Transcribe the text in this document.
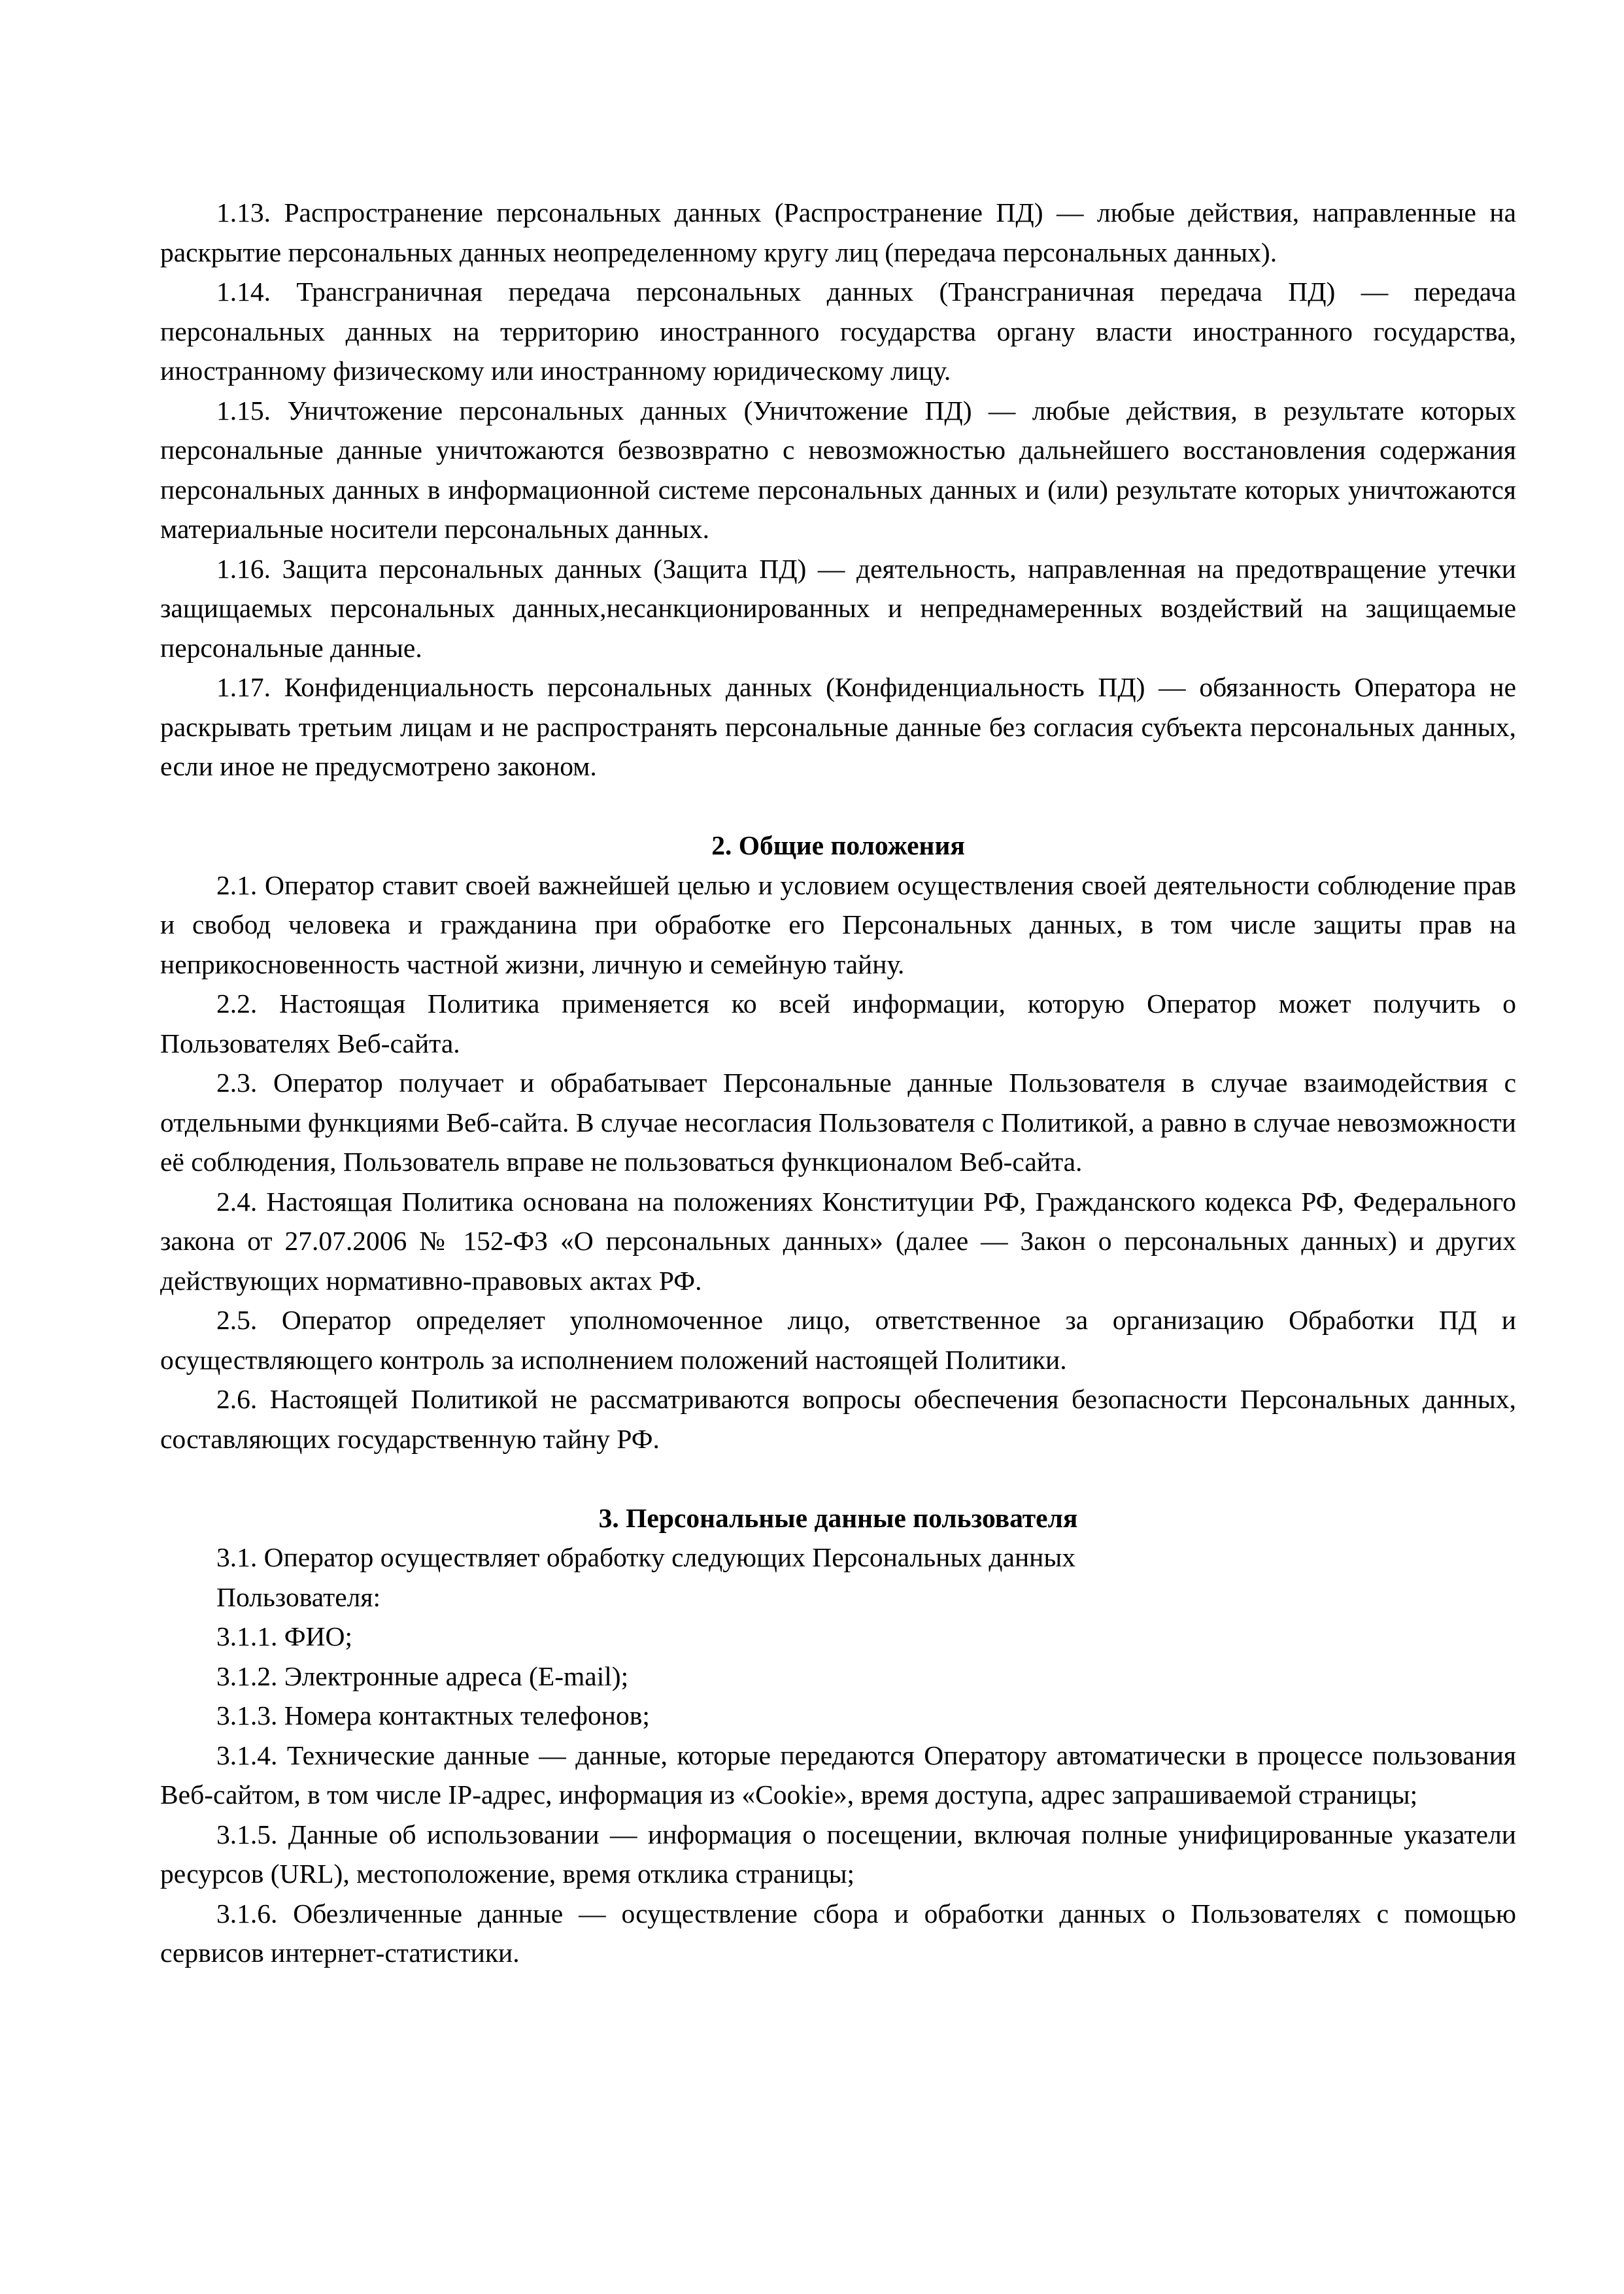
1.13. Распространение персональных данных (Распространение ПД) — любые действия, направленные на раскрытие персональных данных неопределенному кругу лиц (передача персональных данных).

1.14. Трансграничная передача персональных данных (Трансграничная передача ПД) — передача персональных данных на территорию иностранного государства органу власти иностранного государства, иностранному физическому или иностранному юридическому лицу.

1.15. Уничтожение персональных данных (Уничтожение ПД) — любые действия, в результате которых персональные данные уничтожаются безвозвратно с невозможностью дальнейшего восстановления содержания персональных данных в информационной системе персональных данных и (или) результате которых уничтожаются материальные носители персональных данных.

1.16. Защита персональных данных (Защита ПД) — деятельность, направленная на предотвращение утечки защищаемых персональных данных,несанкционированных и непреднамеренных воздействий на защищаемые персональные данные.

1.17. Конфиденциальность персональных данных (Конфиденциальность ПД) — обязанность Оператора не раскрывать третьим лицам и не распространять персональные данные без согласия субъекта персональных данных, если иное не предусмотрено законом.

2. Общие положения

2.1. Оператор ставит своей важнейшей целью и условием осуществления своей деятельности соблюдение прав и свобод человека и гражданина при обработке его Персональных данных, в том числе защиты прав на неприкосновенность частной жизни, личную и семейную тайну.

2.2. Настоящая Политика применяется ко всей информации, которую Оператор может получить о Пользователях Веб-сайта.

2.3. Оператор получает и обрабатывает Персональные данные Пользователя в случае взаимодействия с отдельными функциями Веб-сайта. В случае несогласия Пользователя с Политикой, а равно в случае невозможности её соблюдения, Пользователь вправе не пользоваться функционалом Веб-сайта.

2.4. Настоящая Политика основана на положениях Конституции РФ, Гражданского кодекса РФ, Федерального закона от 27.07.2006 № 152-ФЗ «О персональных данных» (далее — Закон о персональных данных) и других действующих нормативно-правовых актах РФ.

2.5. Оператор определяет уполномоченное лицо, ответственное за организацию Обработки ПД и осуществляющего контроль за исполнением положений настоящей Политики.

2.6. Настоящей Политикой не рассматриваются вопросы обеспечения безопасности Персональных данных, составляющих государственную тайну РФ.

3. Персональные данные пользователя

3.1. Оператор осуществляет обработку следующих Персональных данных

Пользователя:

3.1.1. ФИО;

3.1.2. Электронные адреса (E-mail);

3.1.3. Номера контактных телефонов;

3.1.4. Технические данные — данные, которые передаются Оператору автоматически в процессе пользования Веб-сайтом, в том числе IP-адрес, информация из «Cookie», время доступа, адрес запрашиваемой страницы;

3.1.5. Данные об использовании — информация о посещении, включая полные унифицированные указатели ресурсов (URL), местоположение, время отклика страницы;

3.1.6. Обезличенные данные — осуществление сбора и обработки данных о Пользователях с помощью сервисов интернет-статистики.
